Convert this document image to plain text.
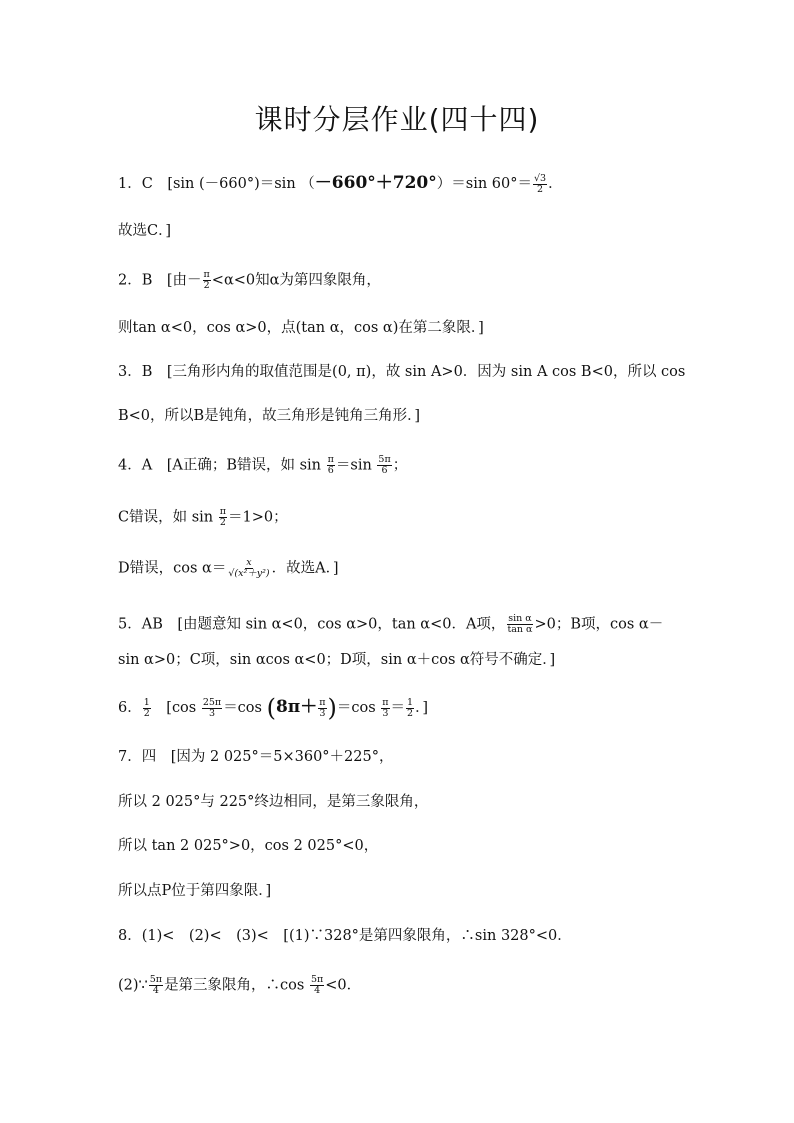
课时分层作业(四十四)
1．C　[sin (－660°)＝sin （－660°＋720°）＝sin $60^\circ= \frac{√3}{2}$ ．
故选C．]
2．B　[由－ $\frac{\pi}{2} <\alpha<0$知α为第四象限角，
则tan α<0，cos α>0，点(tan α，cos α)在第二象限．]
3．B　[三角形内角的取值范围是(0, π)，故 sin A>0．因为 sin A cos B<0，所以 cos
B<0，所以B是钝角，故三角形是钝角三角形．]
4．A　[A正确；B错误，如 $\sin \frac{\pi}{6} =\sin \frac{5\pi}{6}$ ；
C错误，如 $\sin \frac{\pi}{2} =1>0$；
D错误，$\cos \alpha= \frac{x}{\text{√(x²＋y²)}}$ ．故选A．]
5．AB　[由题意知 sin α<0，cos α>0，tan α<0．A项， $\frac{\text{sin α}}{\text{tan α}} >0$；B项，cos α－
sin α>0；C项，sin αcos α<0；D项，sin α＋cos α符号不确定．]
6． $\frac{1}{2}$ 　[$\cos \frac{25\pi}{3} =\cos$ $(8\pi+ \frac{\pi}{3} )=\cos \frac{\pi}{3} = \frac{1}{2}$ ．]
7．四　[因为 2 025°＝5×360°＋225°，
所以 2 025°与 225°终边相同，是第三象限角，
所以 tan 2 025°>0，cos 2 025°<0，
所以点P位于第四象限．]
8．(1)<　(2)<　(3)<　[(1)∵328°是第四象限角，∴sin 328°<0．
(2)∵ $\frac{5\pi}{4}$ 是第三象限角，∴cos $\frac{5\pi}{4} <0$．
